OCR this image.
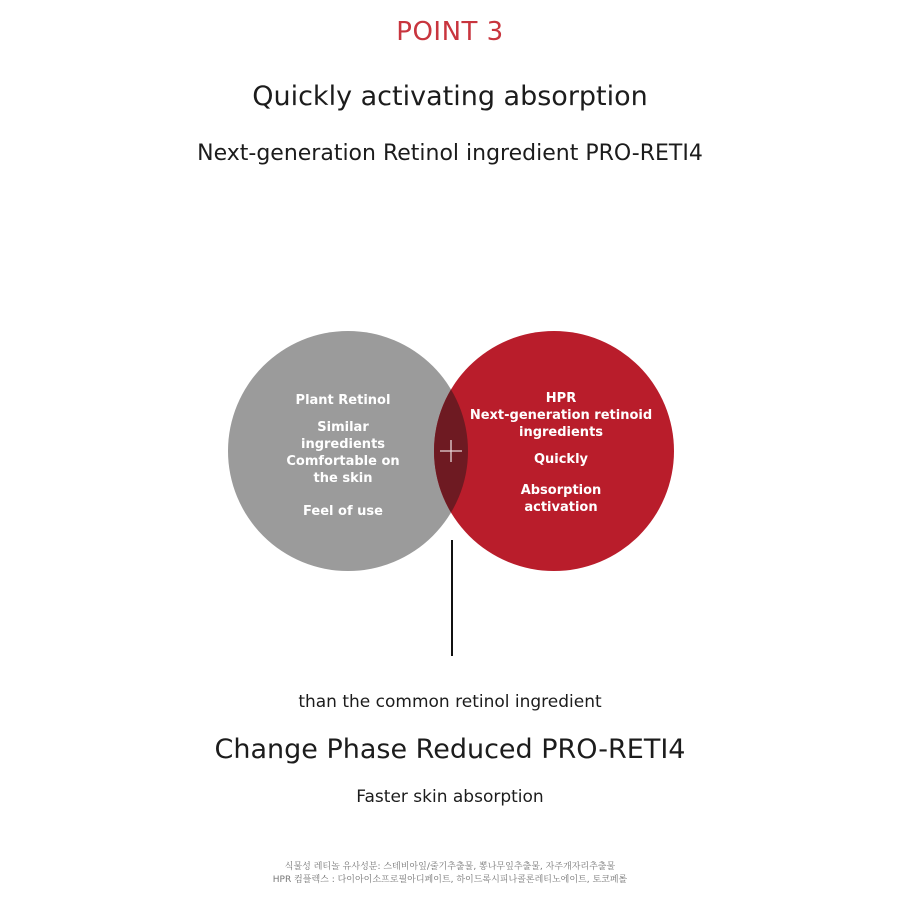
POINT 3
Quickly activating absorption
Next-generation Retinol ingredient PRO-RETI4
Plant Retinol
Similar
ingredients
Comfortable on
the skin
Feel of use
HPR
Next-generation retinoid
ingredients
Quickly
Absorption
activation
than the common retinol ingredient
Change Phase Reduced PRO-RETI4
Faster skin absorption
식물성 레티놀 유사성분: 스테비아잎/줄기추출물, 뽕나무잎추출물, 자주개자리추출물
HPR 컴플렉스 : 다이아이소프로필아디페이트, 하이드록시피나콜론레티노에이트, 토코페롤
